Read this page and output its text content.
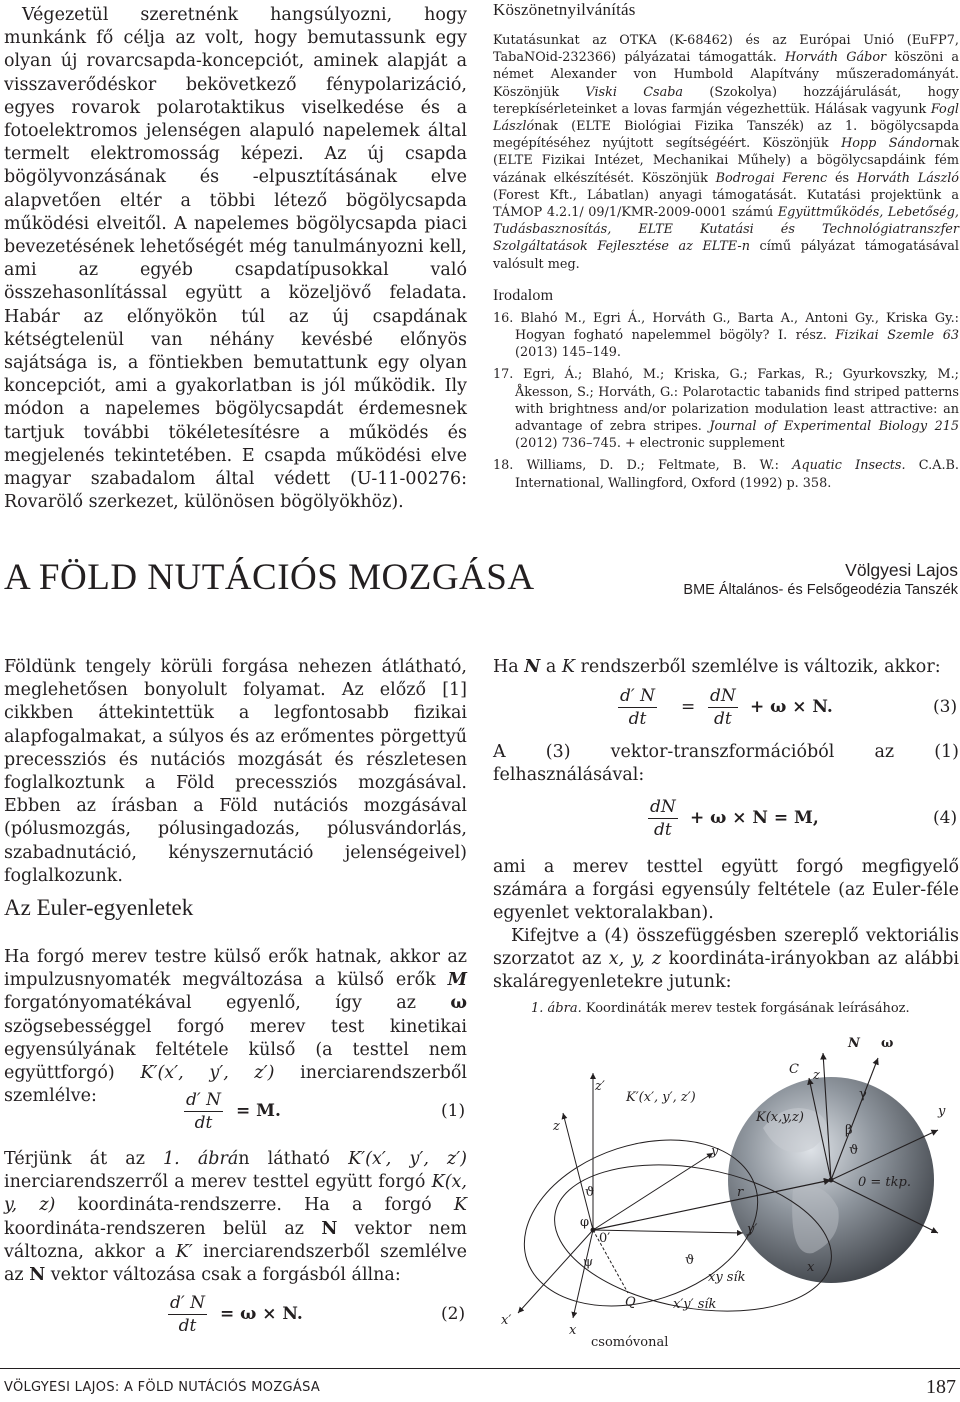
Végezetül szeretnénk hangsúlyozni, hogy munkánk fő célja az volt, hogy bemutassunk egy olyan új rovarcsapda-koncepciót, aminek alapját a visszaverődéskor bekövetkező fénypolarizáció, egyes rovarok polarotaktikus viselkedése és a fotoelektromos jelenségen alapuló napelemek által termelt elektromosság képezi. Az új csapda bögölyvonzásának és -elpusztításának elve alapvetően eltér a többi létező bögölycsapda működési elveitől. A napelemes bögölycsapda piaci bevezetésének lehetőségét még tanulmányozni kell, ami az egyéb csapdatípusokkal való összehasonlítással együtt a közeljövő feladata. Habár az előnyökön túl az új csapdának kétségtelenül van néhány kevésbé előnyös sajátsága is, a föntiekben bemutattunk egy olyan koncepciót, ami a gyakorlatban is jól működik. Ily módon a napelemes bögölycsapdát érdemesnek tartjuk további tökéletesítésre a működés és megjelenés tekintetében. E csapda működési elve magyar szabadalom által védett (U-11-00276: Rovarölő szerkezet, különösen bögölyökhöz).

Köszönetnyilvánítás
Kutatásunkat az OTKA (K-68462) és az Európai Unió (EuFP7, TabaNOid-232366) pályázatai támogatták. Horváth Gábor köszöni a német Alexander von Humbold Alapítvány műszeradományát. Köszönjük Viski Csaba (Szokolya) hozzájárulását, hogy terepkísérleteinket a lovas farmján végezhettük. Hálásak vagyunk Fogl Lászlónak (ELTE Biológiai Fizika Tanszék) az 1. bögölycsapda megépítéséhez nyújtott segítségéért. Köszönjük Hopp Sándornak (ELTE Fizikai Intézet, Mechanikai Műhely) a bögölycsapdáink fém vázának elkészítését. Köszönjük Bodrogai Ferenc és Horváth László (Forest Kft., Lábatlan) anyagi támogatását. Kutatási projektünk a TÁMOP 4.2.1/ 09/1/KMR-2009-0001 számú Együttműködés, Lebetőség, Tudásbasznosítás, ELTE Kutatási és Technológiatranszfer Szolgáltatások Fejlesztése az ELTE-n című pályázat támogatásával valósult meg.
Irodalom

16. Blahó M., Egri Á., Horváth G., Barta A., Antoni Gy., Kriska Gy.: Hogyan fogható napelemmel bögöly? I. rész. Fizikai Szemle 63 (2013) 145–149.

17. Egri, Á.; Blahó, M.; Kriska, G.; Farkas, R.; Gyurkovszky, M.; Åkesson, S.; Horváth, G.: Polarotactic tabanids find striped patterns with brightness and/or polarization modulation least attractive: an advantage of zebra stripes. Journal of Experimental Biology 215 (2012) 736–745. + electronic supplement

18. Williams, D. D.; Feltmate, B. W.: Aquatic Insects. C.A.B. International, Wallingford, Oxford (1992) p. 358.

A FÖLD NUTÁCIÓS MOZGÁSA	Völgyesi Lajos
BME Általános- és Felsőgeodézia Tanszék
Földünk tengely körüli forgása nehezen átlátható, meglehetősen bonyolult folyamat. Az előző [1] cikkben áttekintettük a legfontosabb fizikai alapfogalmakat, a súlyos és az erőmentes pörgettyű precessziós és nutációs mozgását és részletesen foglalkoztunk a Föld precessziós mozgásával. Ebben az írásban a Föld nutációs mozgásával (pólusmozgás, pólusingadozás, pólusvándorlás, szabadnutáció, kényszernutáció jelenségeivel) foglalkozunk.
Az Euler-egyenletek
Ha forgó merev testre külső erők hatnak, akkor az impulzusnyomaték megváltozása a külső erők M forgatónyomatékával egyenlő, így az ω szögsebességgel forgó merev test kinetikai egyensúlyának feltétele külső (a testtel nem együttforgó) K′(x′, y′, z′) inerciarendszerből szemlélve:	$\frac{d' N}{dt} = M$.	(1)
Térjünk át az 1. ábrán látható K′(x′, y′, z′) inerciarendszerről a merev testtel együtt forgó K(x, y, z) koordináta-rendszerre. Ha a forgó K koordináta-rendszeren belül az N vektor nem változna, akkor a K′ inerciarendszerből szemlélve az N vektor változása csak a forgásból állna:
$\frac{d' N}{dt} = \omega \times N$.	(2)
Ha N a K rendszerből szemlélve is változik, akkor:
$\frac{d' N}{dt} = \frac{dN}{dt} + \omega \times N$.	(3)
A (3) vektor-transzformációból az (1) felhasználásával:
$\frac{dN}{dt} + \omega \times N = M$,	(4)
ami a merev testtel együtt forgó megfigyelő számára a forgási egyensúly feltétele (az Euler-féle egyenlet vektoralakban).

Kifejtve a (4) összefüggésben szereplő vektoriális szorzatot az x, y, z koordináta-irányokban az alábbi skaláregyenletekre jutunk:

1. ábra. Koordináták merev testek forgásának leírásához.
N ω
C z
γ
z′
K′(x′, y′, z′)
K(x,y,z)	y
z	β
ϑ
y
0 = tkp.
r
ϑ
φ
0′
ψ
y′
ϑ
xy sík
x
Q	x′y′ sík
x′
x
csomóvonal
VÖLGYESI LAJOS: A FÖLD NUTÁCIÓS MOZGÁSA	187
